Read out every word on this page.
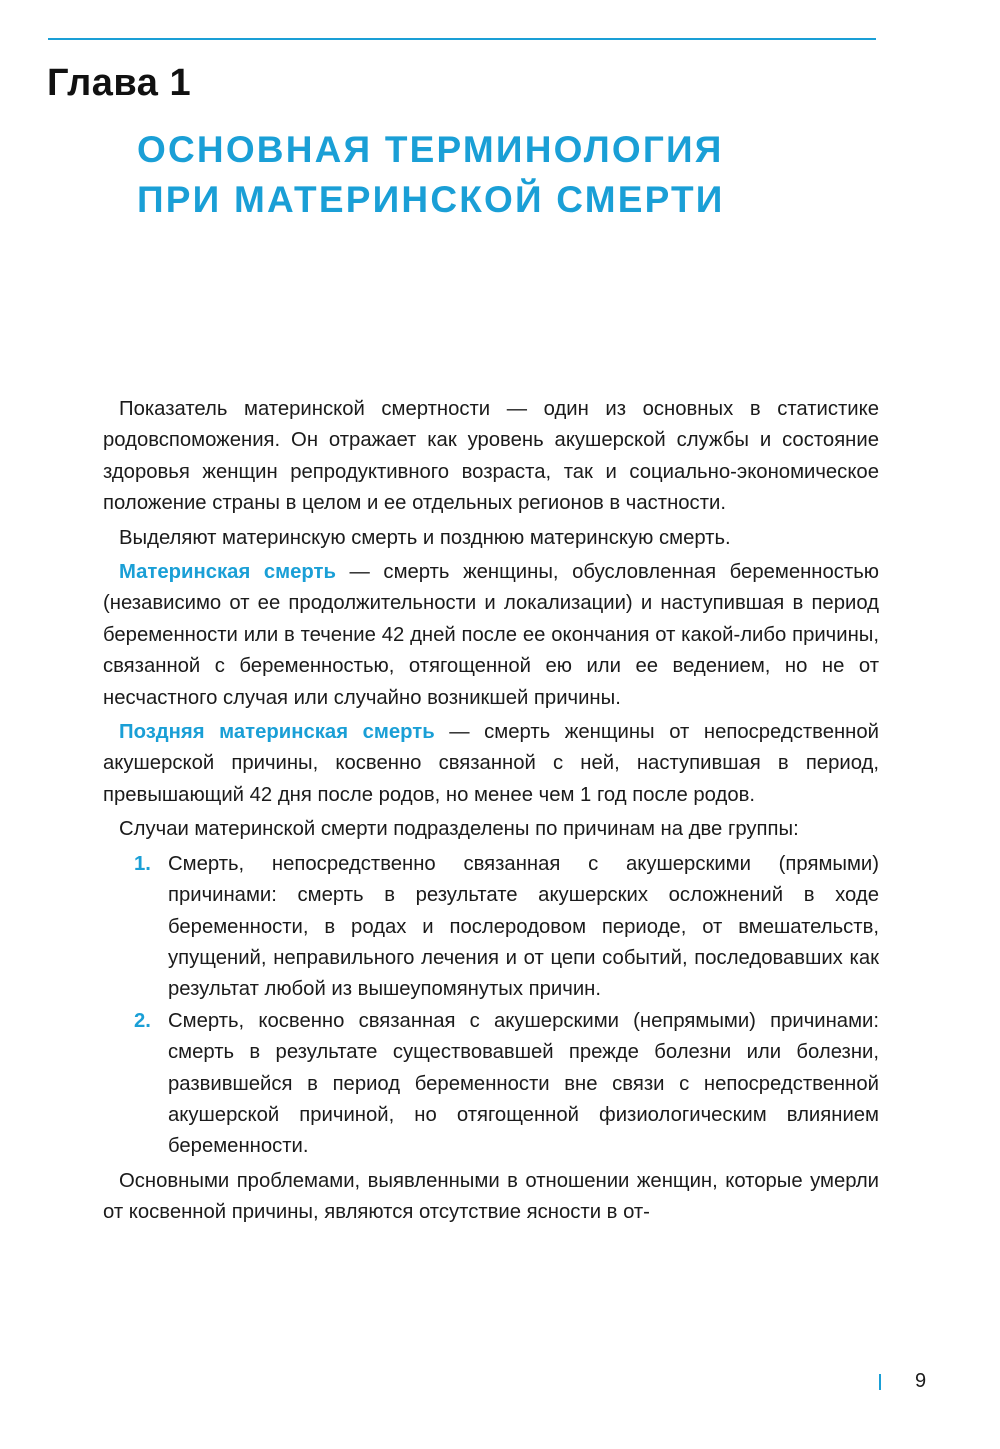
Глава 1
ОСНОВНАЯ ТЕРМИНОЛОГИЯ
ПРИ МАТЕРИНСКОЙ СМЕРТИ

Показатель материнской смертности — один из основных в статистике родовспоможения. Он отражает как уровень акушерской службы и состояние здоровья женщин репродуктивного возраста, так и социально-экономическое положение страны в целом и ее отдельных регионов в частности.

Выделяют материнскую смерть и позднюю материнскую смерть.

Материнская смерть — смерть женщины, обусловленная беременностью (независимо от ее продолжительности и локализации) и наступившая в период беременности или в течение 42 дней после ее окончания от какой-либо причины, связанной с беременностью, отягощенной ею или ее ведением, но не от несчастного случая или случайно возникшей причины.

Поздняя материнская смерть — смерть женщины от непосредственной акушерской причины, косвенно связанной с ней, наступившая в период, превышающий 42 дня после родов, но менее чем 1 год после родов.

Случаи материнской смерти подразделены по причинам на две группы:

1. Смерть, непосредственно связанная с акушерскими (прямыми) причинами: смерть в результате акушерских осложнений в ходе беременности, в родах и послеродовом периоде, от вмешательств, упущений, неправильного лечения и от цепи событий, последовавших как результат любой из вышеупомянутых причин.
2. Смерть, косвенно связанная с акушерскими (непрямыми) причинами: смерть в результате существовавшей прежде болезни или болезни, развившейся в период беременности вне связи с непосредственной акушерской причиной, но отягощенной физиологическим влиянием беременности.

Основными проблемами, выявленными в отношении женщин, которые умерли от косвенной причины, являются отсутствие ясности в от-

9
